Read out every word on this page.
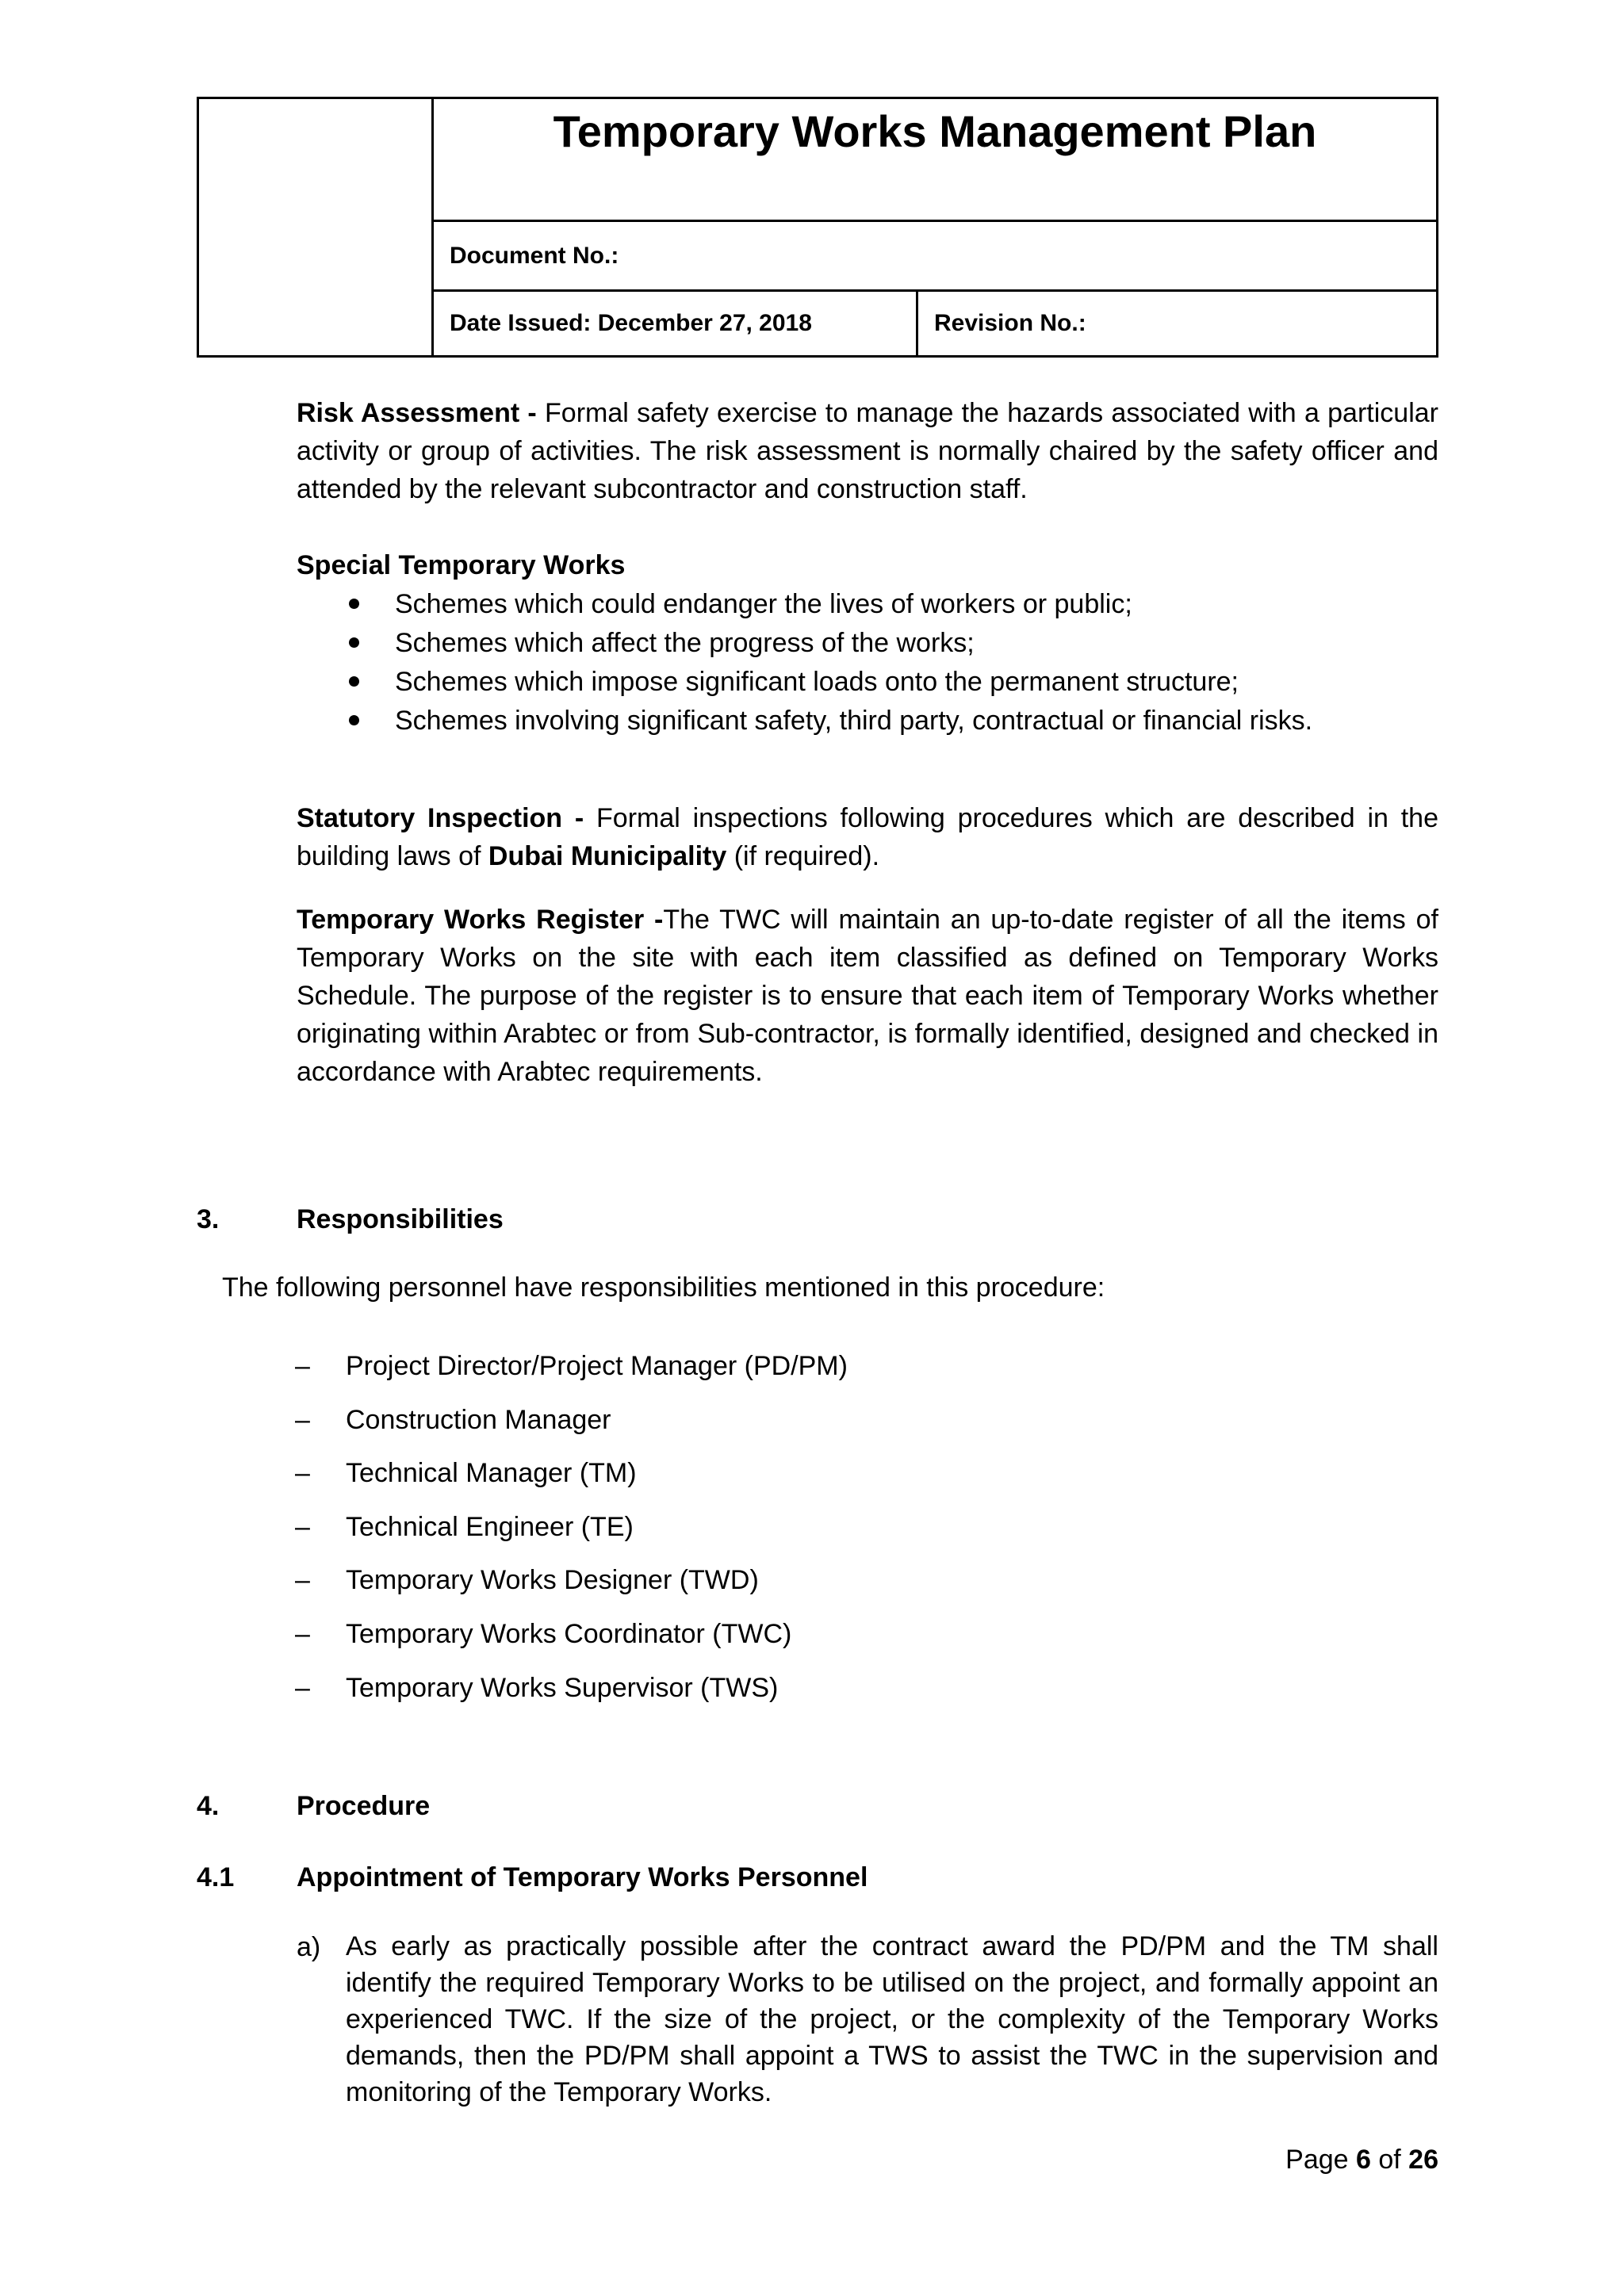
Temporary Works Management Plan
Document No.:
Date Issued: December 27, 2018	Revision No.:
Risk Assessment - Formal safety exercise to manage the hazards associated with a particular activity or group of activities. The risk assessment is normally chaired by the safety officer and attended by the relevant subcontractor and construction staff.
Special Temporary Works
Schemes which could endanger the lives of workers or public;
Schemes which affect the progress of the works;
Schemes which impose significant loads onto the permanent structure;
Schemes involving significant safety, third party, contractual or financial risks.
Statutory Inspection - Formal inspections following procedures which are described in the building laws of Dubai Municipality (if required).
Temporary Works Register -The TWC will maintain an up-to-date register of all the items of Temporary Works on the site with each item classified as defined on Temporary Works Schedule. The purpose of the register is to ensure that each item of Temporary Works whether originating within Arabtec or from Sub-contractor, is formally identified, designed and checked in accordance with Arabtec requirements.
3.	Responsibilities
The following personnel have responsibilities mentioned in this procedure:
– Project Director/Project Manager (PD/PM)
– Construction Manager
– Technical Manager (TM)
– Technical Engineer (TE)
– Temporary Works Designer (TWD)
– Temporary Works Coordinator (TWC)
– Temporary Works Supervisor (TWS)
4.	Procedure
4.1 Appointment of Temporary Works Personnel
a) As early as practically possible after the contract award the PD/PM and the TM shall identify the required Temporary Works to be utilised on the project, and formally appoint an experienced TWC. If the size of the project, or the complexity of the Temporary Works demands, then the PD/PM shall appoint a TWS to assist the TWC in the supervision and monitoring of the Temporary Works.
Page 6 of 26
